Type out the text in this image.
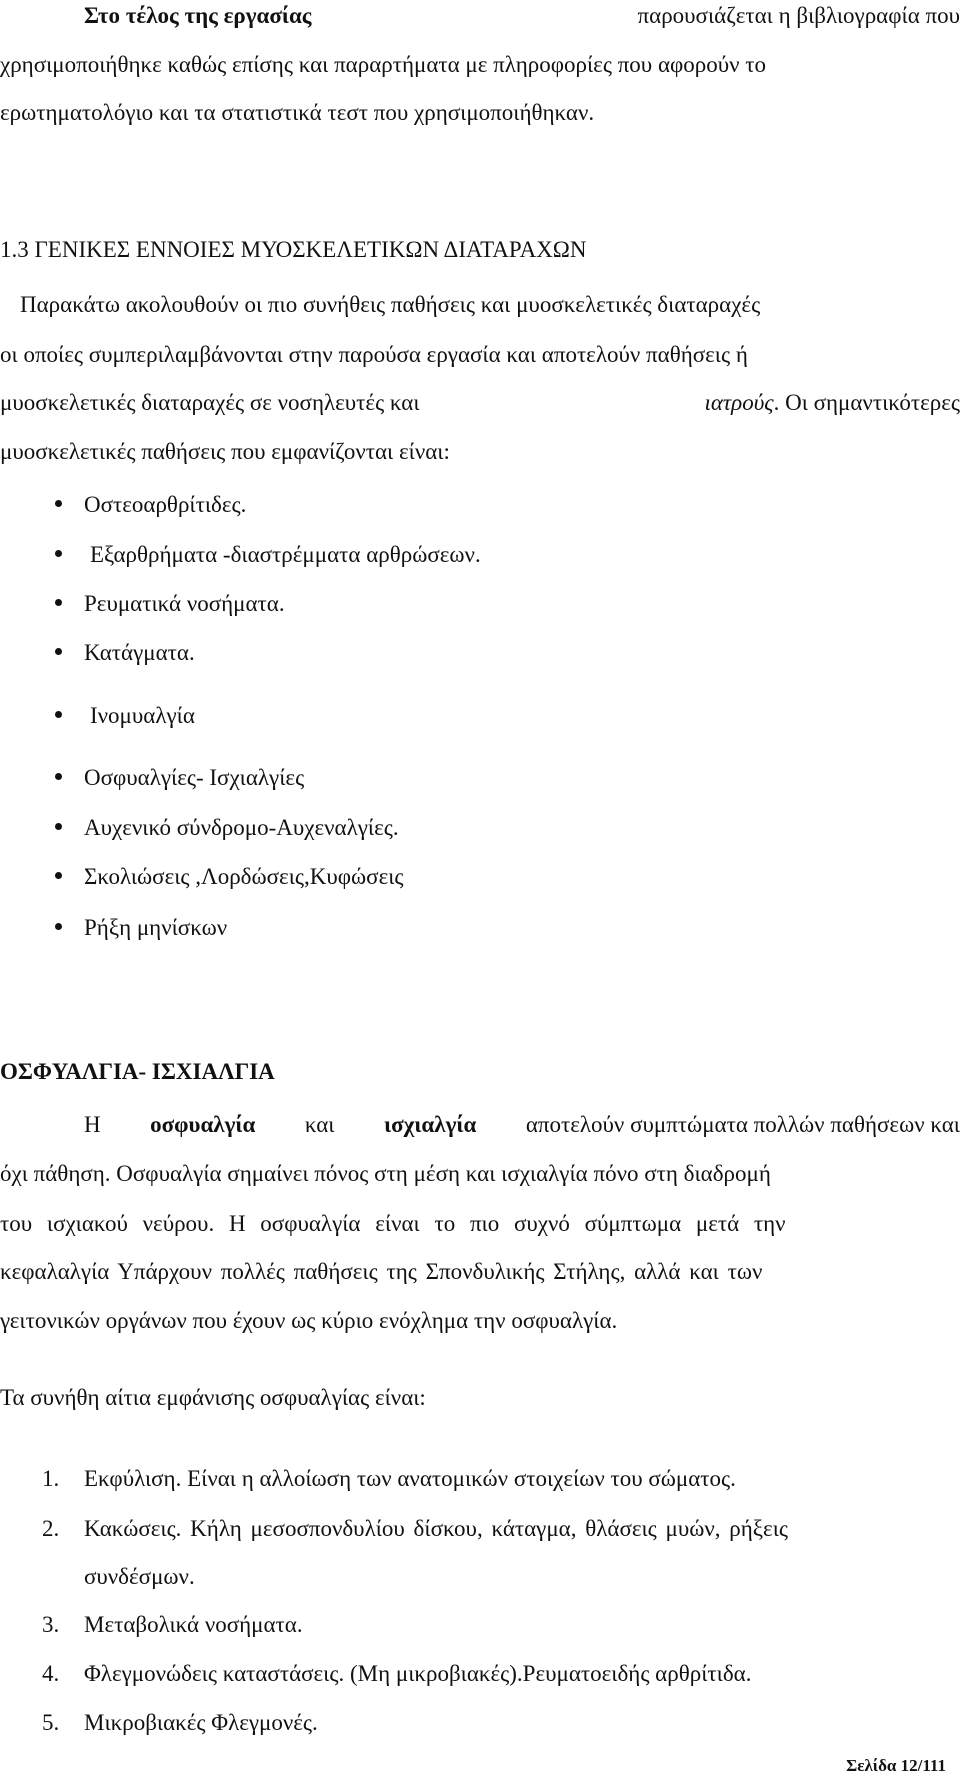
Στο τέλος της εργασίας	παρουσιάζεται η βιβλιογραφία που
χρησιμοποιήθηκε καθώς επίσης και παραρτήματα με πληροφορίες που αφορούν το
ερωτηματολόγιο και τα στατιστικά τεστ που χρησιμοποιήθηκαν.
1.3 ΓΕΝΙΚΕΣ ΕΝΝΟΙΕΣ ΜΥΟΣΚΕΛΕΤΙΚΩΝ ΔΙΑΤΑΡΑΧΩΝ
Παρακάτω ακολουθούν οι πιο συνήθεις παθήσεις και μυοσκελετικές διαταραχές
οι οποίες συμπεριλαμβάνονται στην παρούσα εργασία και αποτελούν παθήσεις ή
μυοσκελετικές διαταραχές σε νοσηλευτές και	ιατρούς. Οι σημαντικότερες
μυοσκελετικές παθήσεις που εμφανίζονται είναι:
Οστεοαρθρίτιδες.
Εξαρθρήματα -διαστρέμματα αρθρώσεων.
Ρευματικά νοσήματα.
Κατάγματα.
Ινομυαλγία
Οσφυαλγίες- Ισχιαλγίες
Αυχενικό σύνδρομο-Αυχεναλγίες.
Σκολιώσεις ,Λορδώσεις,Κυφώσεις
Ρήξη μηνίσκων
ΟΣΦΥΑΛΓΙΑ- ΙΣΧΙΑΛΓΙΑ
Η οσφυαλγία και ισχιαλγία αποτελούν συμπτώματα πολλών παθήσεων και
όχι πάθηση. Οσφυαλγία σημαίνει πόνος στη μέση και ισχιαλγία πόνο στη διαδρομή
του ισχιακού νεύρου. Η οσφυαλγία είναι το πιο συχνό σύμπτωμα μετά την
κεφαλαλγία Υπάρχουν πολλές παθήσεις της Σπονδυλικής Στήλης, αλλά και των
γειτονικών οργάνων που έχουν ως κύριο ενόχλημα την οσφυαλγία.
Τα συνήθη αίτια εμφάνισης οσφυαλγίας είναι:
1. Εκφύλιση. Είναι η αλλοίωση των ανατομικών στοιχείων του σώματος.
2. Κακώσεις. Κήλη μεσοσπονδυλίου δίσκου, κάταγμα, θλάσεις μυών, ρήξεις
συνδέσμων.
3. Μεταβολικά νοσήματα.
4. Φλεγμονώδεις καταστάσεις. (Μη μικροβιακές).Ρευματοειδής αρθρίτιδα.
5. Μικροβιακές Φλεγμονές.
Σελίδα 12/111
